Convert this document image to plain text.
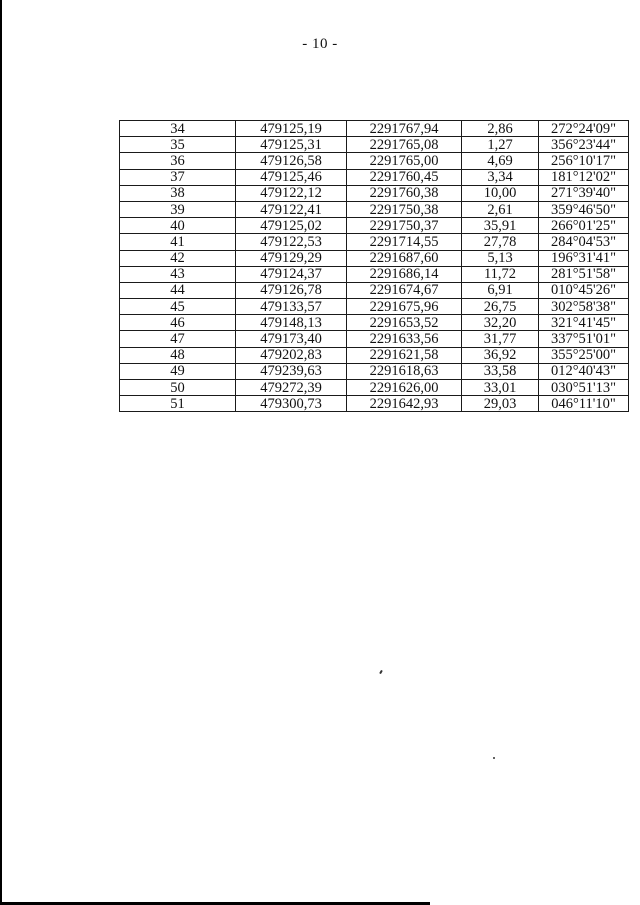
- 10 -
34	479125,19	2291767,94	2,86	272°24'09"
35	479125,31	2291765,08	1,27	356°23'44"
36	479126,58	2291765,00	4,69	256°10'17"
37	479125,46	2291760,45	3,34	181°12'02"
38	479122,12	2291760,38	10,00	271°39'40"
39	479122,41	2291750,38	2,61	359°46'50"
40	479125,02	2291750,37	35,91	266°01'25"
41	479122,53	2291714,55	27,78	284°04'53"
42	479129,29	2291687,60	5,13	196°31'41"
43	479124,37	2291686,14	11,72	281°51'58"
44	479126,78	2291674,67	6,91	010°45'26"
45	479133,57	2291675,96	26,75	302°58'38"
46	479148,13	2291653,52	32,20	321°41'45"
47	479173,40	2291633,56	31,77	337°51'01"
48	479202,83	2291621,58	36,92	355°25'00"
49	479239,63	2291618,63	33,58	012°40'43"
50	479272,39	2291626,00	33,01	030°51'13"
51	479300,73	2291642,93	29,03	046°11'10"
